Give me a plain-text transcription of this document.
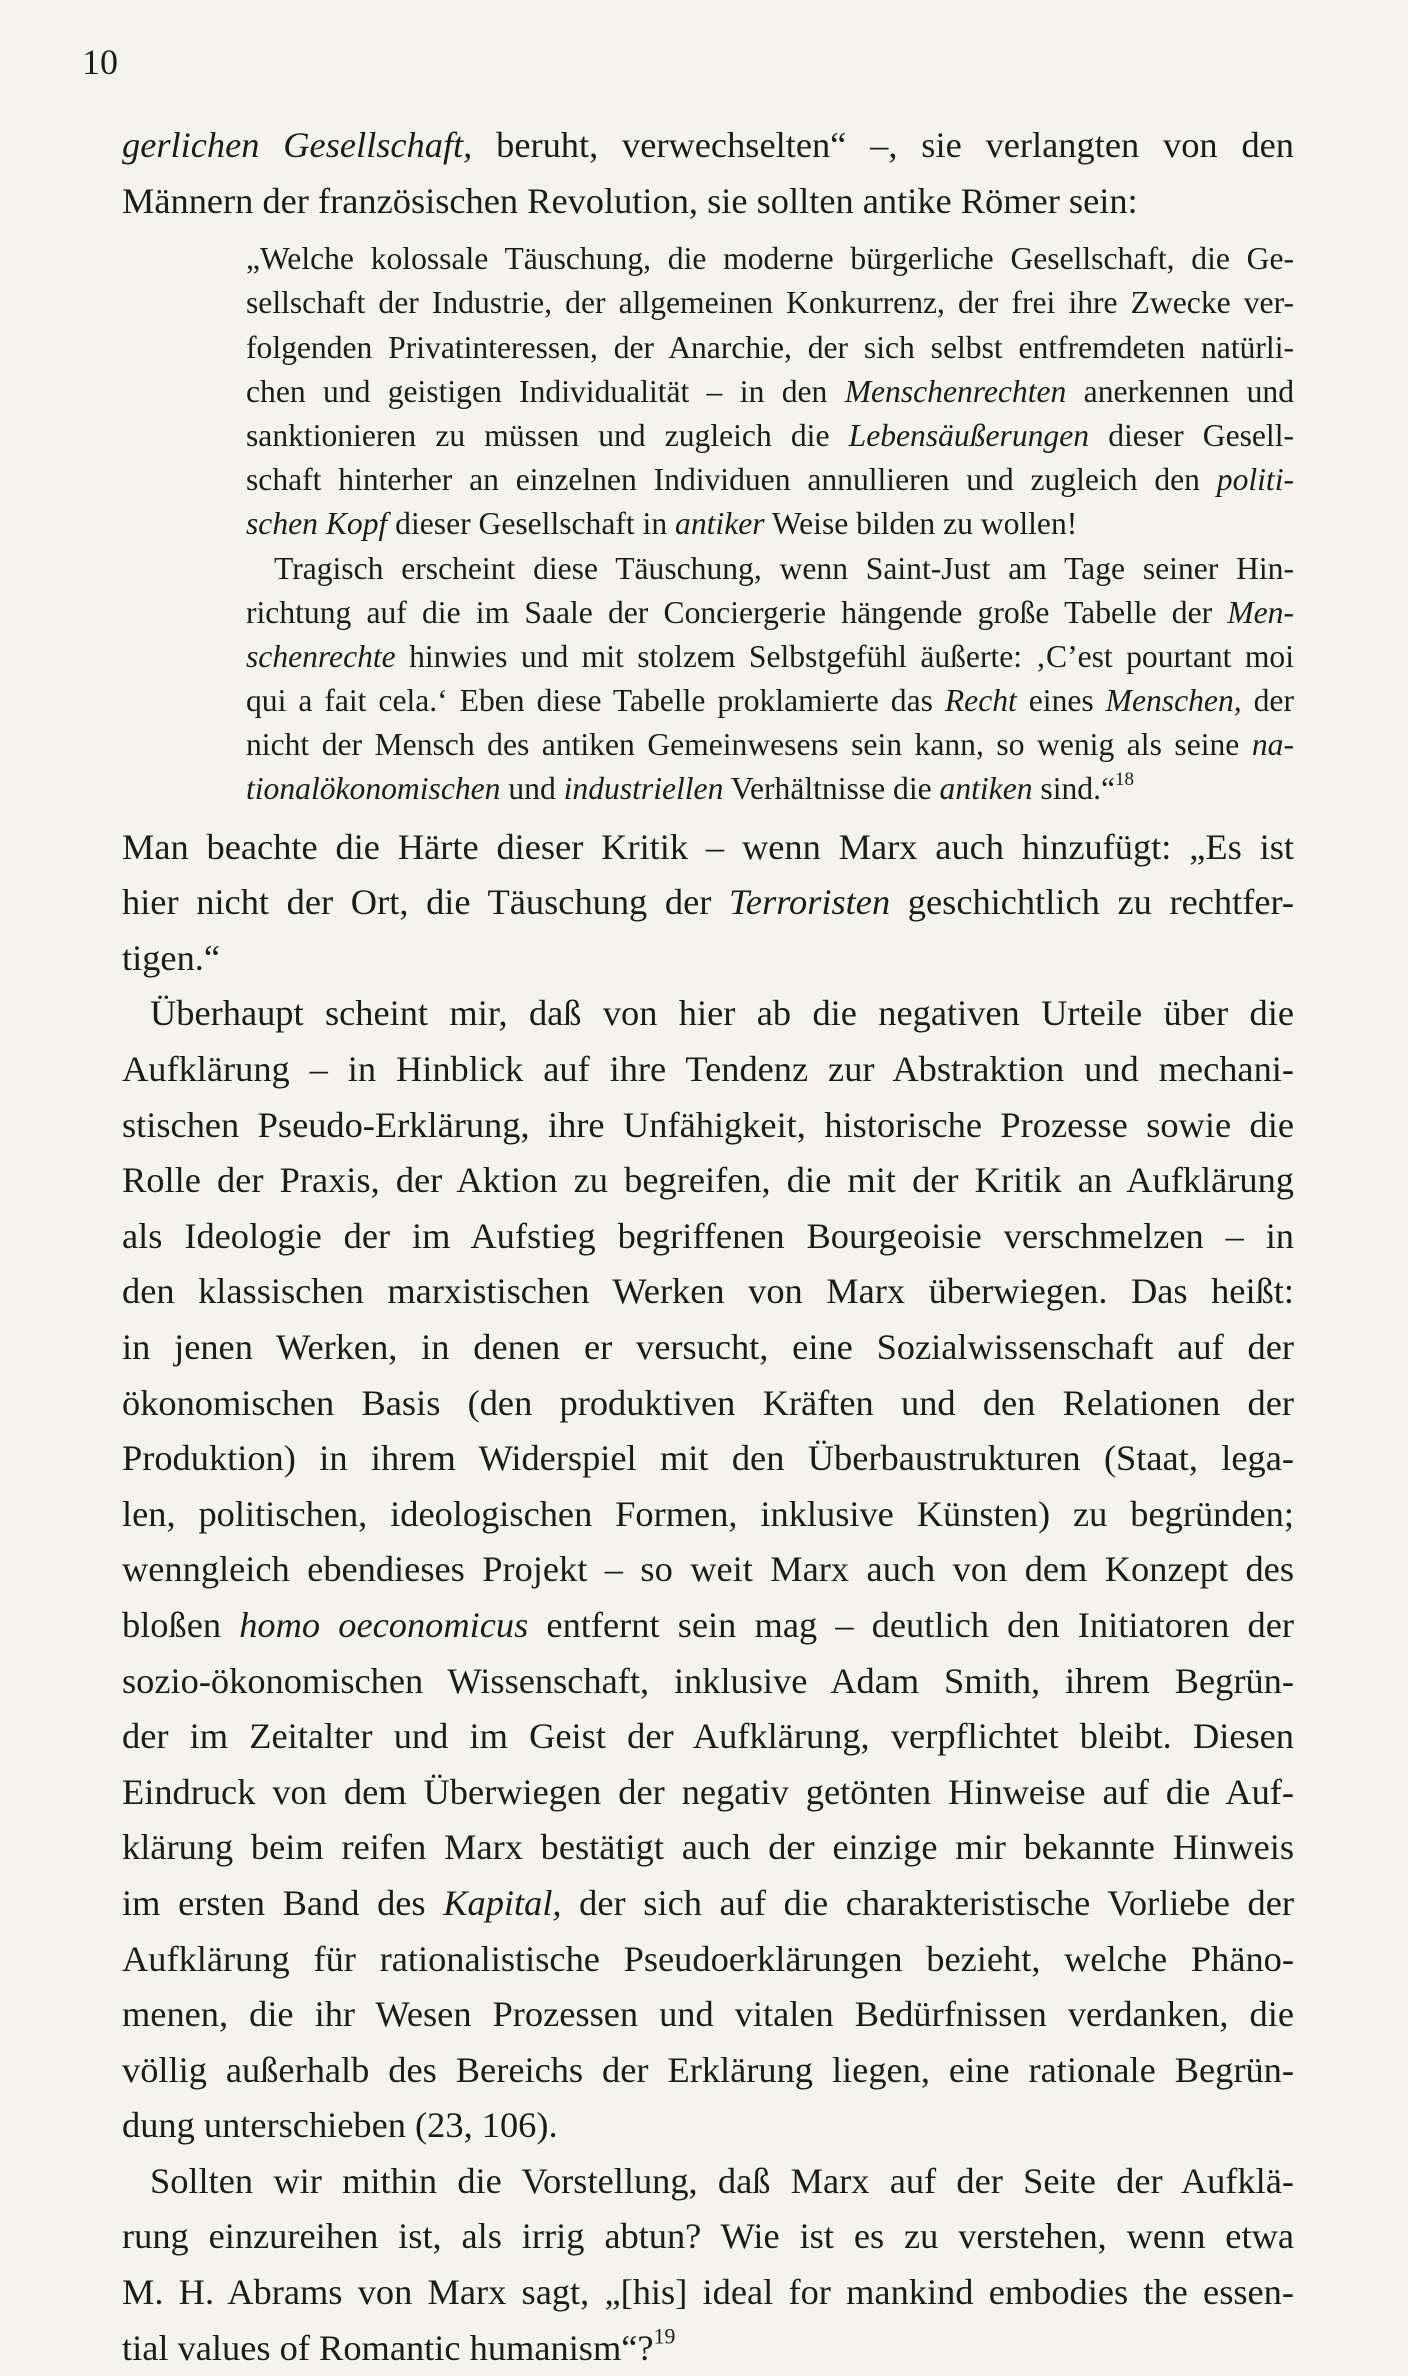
10
gerlichen Gesellschaft, beruht, verwechselten“ –, sie verlangten von den
Männern der französischen Revolution, sie sollten antike Römer sein:
„Welche kolossale Täuschung, die moderne bürgerliche Gesellschaft, die Ge-
sellschaft der Industrie, der allgemeinen Konkurrenz, der frei ihre Zwecke ver-
folgenden Privatinteressen, der Anarchie, der sich selbst entfremdeten natürli-
chen und geistigen Individualität – in den Menschenrechten anerkennen und
sanktionieren zu müssen und zugleich die Lebensäußerungen dieser Gesell-
schaft hinterher an einzelnen Individuen annullieren und zugleich den politi-
schen Kopf dieser Gesellschaft in antiker Weise bilden zu wollen!
Tragisch erscheint diese Täuschung, wenn Saint-Just am Tage seiner Hin-
richtung auf die im Saale der Conciergerie hängende große Tabelle der Men-
schenrechte hinwies und mit stolzem Selbstgefühl äußerte: ‚C’est pourtant moi
qui a fait cela.‘ Eben diese Tabelle proklamierte das Recht eines Menschen, der
nicht der Mensch des antiken Gemeinwesens sein kann, so wenig als seine na-
tionalökonomischen und industriellen Verhältnisse die antiken sind.“$^{18}$
Man beachte die Härte dieser Kritik – wenn Marx auch hinzufügt: „Es ist
hier nicht der Ort, die Täuschung der Terroristen geschichtlich zu rechtfer-
tigen.“
Überhaupt scheint mir, daß von hier ab die negativen Urteile über die
Aufklärung – in Hinblick auf ihre Tendenz zur Abstraktion und mechani-
stischen Pseudo-Erklärung, ihre Unfähigkeit, historische Prozesse sowie die
Rolle der Praxis, der Aktion zu begreifen, die mit der Kritik an Aufklärung
als Ideologie der im Aufstieg begriffenen Bourgeoisie verschmelzen – in
den klassischen marxistischen Werken von Marx überwiegen. Das heißt:
in jenen Werken, in denen er versucht, eine Sozialwissenschaft auf der
ökonomischen Basis (den produktiven Kräften und den Relationen der
Produktion) in ihrem Widerspiel mit den Überbaustrukturen (Staat, lega-
len, politischen, ideologischen Formen, inklusive Künsten) zu begründen;
wenngleich ebendieses Projekt – so weit Marx auch von dem Konzept des
bloßen homo oeconomicus entfernt sein mag – deutlich den Initiatoren der
sozio-ökonomischen Wissenschaft, inklusive Adam Smith, ihrem Begrün-
der im Zeitalter und im Geist der Aufklärung, verpflichtet bleibt. Diesen
Eindruck von dem Überwiegen der negativ getönten Hinweise auf die Auf-
klärung beim reifen Marx bestätigt auch der einzige mir bekannte Hinweis
im ersten Band des Kapital, der sich auf die charakteristische Vorliebe der
Aufklärung für rationalistische Pseudoerklärungen bezieht, welche Phäno-
menen, die ihr Wesen Prozessen und vitalen Bedürfnissen verdanken, die
völlig außerhalb des Bereichs der Erklärung liegen, eine rationale Begrün-
dung unterschieben (23, 106).
Sollten wir mithin die Vorstellung, daß Marx auf der Seite der Aufklä-
rung einzureihen ist, als irrig abtun? Wie ist es zu verstehen, wenn etwa
M. H. Abrams von Marx sagt, „[his] ideal for mankind embodies the essen-
tial values of Romantic humanism“?$^{19}$
